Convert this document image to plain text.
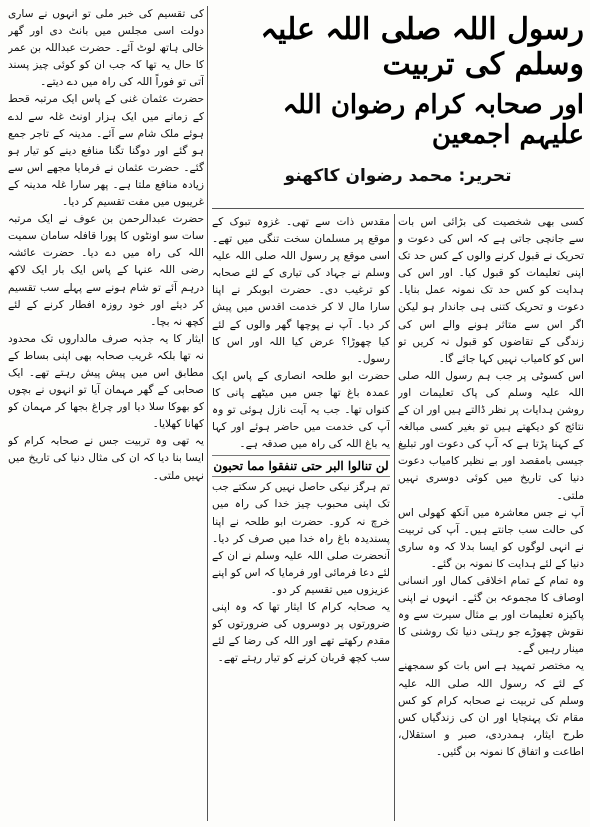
کی تقسیم کی خبر ملی تو انہوں نے ساری دولت اسی مجلس میں بانٹ دی اور گھر خالی ہاتھ لوٹ آئے۔ حضرت عبداللہ بن عمر کا حال یہ تھا کہ جب ان کو کوئی چیز پسند آتی تو فوراً اللہ کی راہ میں دے دیتے۔

حضرت عثمان غنی کے پاس ایک مرتبہ قحط کے زمانے میں ایک ہزار اونٹ غلہ سے لدے ہوئے ملک شام سے آئے۔ مدینہ کے تاجر جمع ہو گئے اور دوگنا تگنا منافع دینے کو تیار ہو گئے۔ حضرت عثمان نے فرمایا مجھے اس سے زیادہ منافع ملتا ہے۔ پھر سارا غلہ مدینہ کے غریبوں میں مفت تقسیم کر دیا۔

حضرت عبدالرحمن بن عوف نے ایک مرتبہ سات سو اونٹوں کا پورا قافلہ سامان سمیت اللہ کی راہ میں دے دیا۔ حضرت عائشہ رضی اللہ عنہا کے پاس ایک بار ایک لاکھ درہم آئے تو شام ہونے سے پہلے سب تقسیم کر دیئے اور خود روزہ افطار کرنے کے لئے کچھ نہ بچا۔

ایثار کا یہ جذبہ صرف مالداروں تک محدود نہ تھا بلکہ غریب صحابہ بھی اپنی بساط کے مطابق اس میں پیش پیش رہتے تھے۔ ایک صحابی کے گھر مہمان آیا تو انہوں نے بچوں کو بھوکا سلا دیا اور چراغ بجھا کر مہمان کو کھانا کھلایا۔

یہ تھی وہ تربیت جس نے صحابہ کرام کو ایسا بنا دیا کہ ان کی مثال دنیا کی تاریخ میں نہیں ملتی۔

رسول اللہ صلی اللہ علیہ وسلم کی تربیت
اور صحابہ کرام رضوان اللہ علیہم اجمعین
تحریر: محمد رضوان کاکھنو

مقدس ذات سے تھی۔ غزوہ تبوک کے موقع پر مسلمان سخت تنگی میں تھے۔ اسی موقع پر رسول اللہ صلی اللہ علیہ وسلم نے جہاد کی تیاری کے لئے صحابہ کو ترغیب دی۔ حضرت ابوبکر نے اپنا سارا مال لا کر خدمت اقدس میں پیش کر دیا۔ آپ نے پوچھا گھر والوں کے لئے کیا چھوڑا؟ عرض کیا اللہ اور اس کا رسول۔

حضرت ابو طلحہ انصاری کے پاس ایک عمدہ باغ تھا جس میں میٹھے پانی کا کنواں تھا۔ جب یہ آیت نازل ہوئی تو وہ آپ کی خدمت میں حاضر ہوئے اور کہا یہ باغ اللہ کی راہ میں صدقہ ہے۔

لن تنالوا البر حتی تنفقوا مما تحبون

تم ہرگز نیکی حاصل نہیں کر سکتے جب تک اپنی محبوب چیز خدا کی راہ میں خرچ نہ کرو۔ حضرت ابو طلحہ نے اپنا پسندیدہ باغ راہ خدا میں صرف کر دیا۔ آنحضرت صلی اللہ علیہ وسلم نے ان کے لئے دعا فرمائی اور فرمایا کہ اس کو اپنے عزیزوں میں تقسیم کر دو۔

یہ صحابہ کرام کا ایثار تھا کہ وہ اپنی ضرورتوں پر دوسروں کی ضرورتوں کو مقدم رکھتے تھے اور اللہ کی رضا کے لئے سب کچھ قربان کرنے کو تیار رہتے تھے۔

کسی بھی شخصیت کی بڑائی اس بات سے جانچی جاتی ہے کہ اس کی دعوت و تحریک نے قبول کرنے والوں کے کس حد تک اپنی تعلیمات کو قبول کیا۔ اور اس کی ہدایت کو کس حد تک نمونہ عمل بنایا۔ دعوت و تحریک کتنی ہی جاندار ہو لیکن اگر اس سے متاثر ہونے والے اس کی زندگی کے تقاضوں کو قبول نہ کریں تو اس کو کامیاب نہیں کہا جائے گا۔

اس کسوٹی پر جب ہم رسول اللہ صلی اللہ علیہ وسلم کی پاک تعلیمات اور روشن ہدایات پر نظر ڈالتے ہیں اور ان کے نتائج کو دیکھتے ہیں تو بغیر کسی مبالغہ کے کہنا پڑتا ہے کہ آپ کی دعوت اور تبلیغ جیسی بامقصد اور بے نظیر کامیاب دعوت دنیا کی تاریخ میں کوئی دوسری نہیں ملتی۔

آپ نے جس معاشرہ میں آنکھ کھولی اس کی حالت سب جانتے ہیں۔ آپ کی تربیت نے انہی لوگوں کو ایسا بدلا کہ وہ ساری دنیا کے لئے ہدایت کا نمونہ بن گئے۔

وہ تمام کے تمام اخلاقی کمال اور انسانی اوصاف کا مجموعہ بن گئے۔ انہوں نے اپنی پاکیزہ تعلیمات اور بے مثال سیرت سے وہ نقوش چھوڑے جو رہتی دنیا تک روشنی کا مینار رہیں گے۔

یہ مختصر تمہید ہے اس بات کو سمجھنے کے لئے کہ رسول اللہ صلی اللہ علیہ وسلم کی تربیت نے صحابہ کرام کو کس مقام تک پہنچایا اور ان کی زندگیاں کس طرح ایثار، ہمدردی، صبر و استقلال، اطاعت و اتفاق کا نمونہ بن گئیں۔
